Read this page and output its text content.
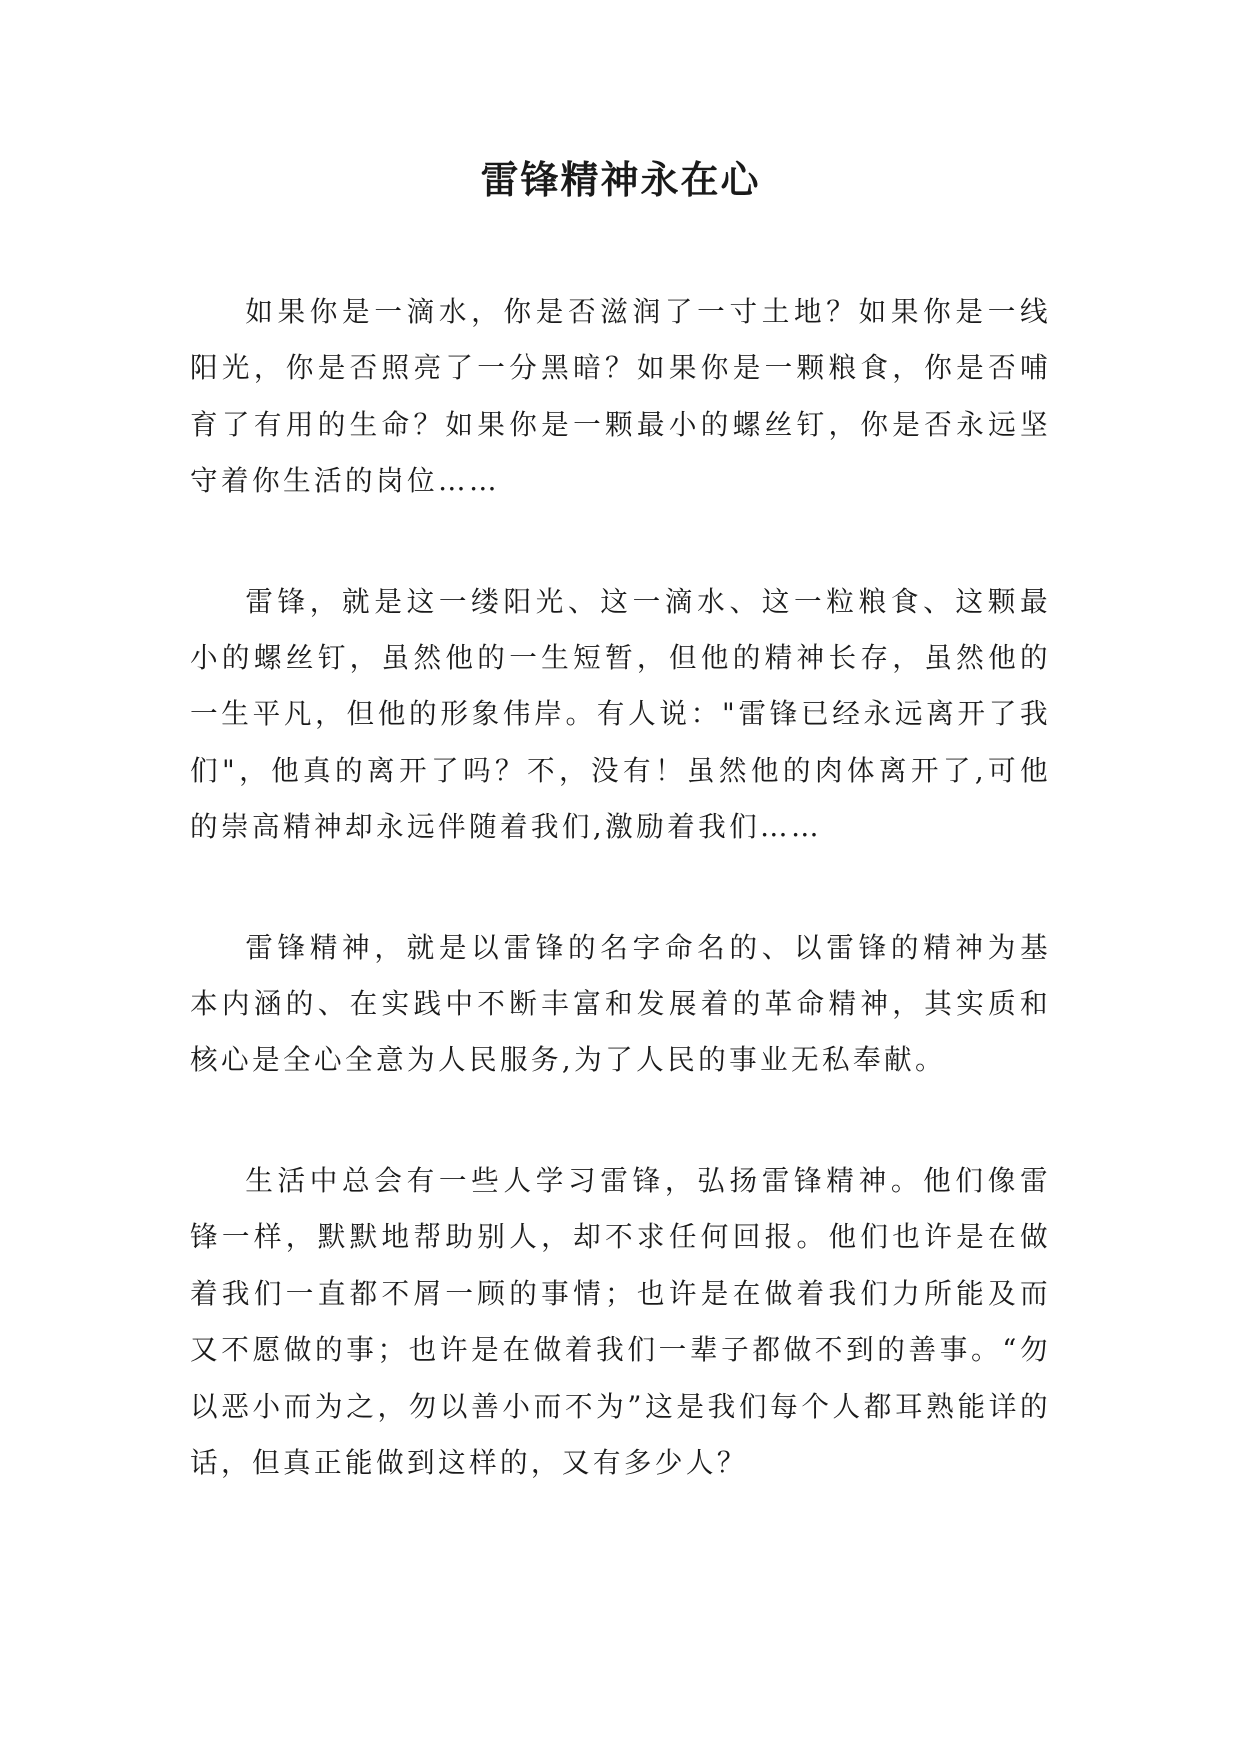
雷锋精神永在心

如果你是一滴水，你是否滋润了一寸土地？如果你是一线阳光，你是否照亮了一分黑暗？如果你是一颗粮食，你是否哺育了有用的生命？如果你是一颗最小的螺丝钉，你是否永远坚守着你生活的岗位……

雷锋，就是这一缕阳光、这一滴水、这一粒粮食、这颗最小的螺丝钉，虽然他的一生短暂，但他的精神长存，虽然他的一生平凡，但他的形象伟岸。有人说："雷锋已经永远离开了我们"，他真的离开了吗？不，没有！虽然他的肉体离开了,可他的崇高精神却永远伴随着我们,激励着我们……

雷锋精神，就是以雷锋的名字命名的、以雷锋的精神为基本内涵的、在实践中不断丰富和发展着的革命精神，其实质和核心是全心全意为人民服务,为了人民的事业无私奉献。

生活中总会有一些人学习雷锋，弘扬雷锋精神。他们像雷锋一样，默默地帮助别人，却不求任何回报。他们也许是在做着我们一直都不屑一顾的事情；也许是在做着我们力所能及而又不愿做的事；也许是在做着我们一辈子都做不到的善事。“勿以恶小而为之，勿以善小而不为”这是我们每个人都耳熟能详的话，但真正能做到这样的，又有多少人？
